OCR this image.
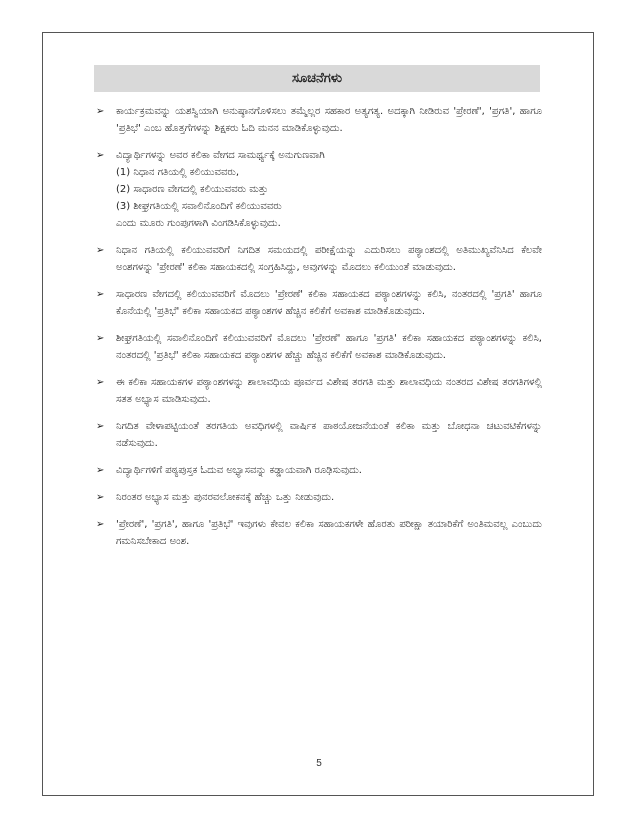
ಸೂಚನೆಗಳು
➢	ಕಾರ್ಯಕ್ರಮವನ್ನು ಯಶಸ್ವಿಯಾಗಿ ಅನುಷ್ಠಾನಗೊಳಿಸಲು ತಮ್ಮೆಲ್ಲರ ಸಹಕಾರ ಅತ್ಯಗತ್ಯ. ಅದಕ್ಕಾಗಿ ನೀಡಿರುವ 'ಪ್ರೇರಣೆ', 'ಪ್ರಗತಿ', ಹಾಗೂ 'ಪ್ರತಿಭೆ' ಎಂಬ ಹೊತ್ತಗೆಗಳನ್ನು ಶಿಕ್ಷಕರು ಓದಿ ಮನನ ಮಾಡಿಕೊಳ್ಳುವುದು.

➢	ವಿದ್ಯಾರ್ಥಿಗಳನ್ನು ಅವರ ಕಲಿಕಾ ವೇಗದ ಸಾಮರ್ಥ್ಯಕ್ಕೆ ಅನುಗುಣವಾಗಿ

(1) ನಿಧಾನ ಗತಿಯಲ್ಲಿ ಕಲಿಯುವವರು,

(2) ಸಾಧಾರಣ ವೇಗದಲ್ಲಿ ಕಲಿಯುವವರು ಮತ್ತು

(3) ಶೀಘ್ರಗತಿಯಲ್ಲಿ ಸವಾಲಿನೊಂದಿಗೆ ಕಲಿಯುವವರು

ಎಂದು ಮೂರು ಗುಂಪುಗಳಾಗಿ ವಿಂಗಡಿಸಿಕೊಳ್ಳುವುದು.

➢	ನಿಧಾನ ಗತಿಯಲ್ಲಿ ಕಲಿಯುವವರಿಗೆ ನಿಗದಿತ ಸಮಯದಲ್ಲಿ ಪರೀಕ್ಷೆಯನ್ನು ಎದುರಿಸಲು ಪಠ್ಯಾಂಶದಲ್ಲಿ ಅತಿಮುಖ್ಯವೆನಿಸಿದ ಕೆಲವೇ ಅಂಶಗಳನ್ನು 'ಪ್ರೇರಣೆ' ಕಲಿಕಾ ಸಹಾಯಕದಲ್ಲಿ ಸಂಗ್ರಹಿಸಿದ್ದು, ಅವುಗಳನ್ನು ಮೊದಲು ಕಲಿಯುಂತೆ ಮಾಡುವುದು.

➢	ಸಾಧಾರಣ ವೇಗದಲ್ಲಿ ಕಲಿಯುವವರಿಗೆ ಮೊದಲು 'ಪ್ರೇರಣೆ' ಕಲಿಕಾ ಸಹಾಯಕದ ಪಠ್ಯಾಂಶಗಳನ್ನು ಕಲಿಸಿ, ನಂತರದಲ್ಲಿ 'ಪ್ರಗತಿ' ಹಾಗೂ ಕೊನೆಯಲ್ಲಿ 'ಪ್ರತಿಭೆ' ಕಲಿಕಾ ಸಹಾಯಕದ ಪಠ್ಯಾಂಶಗಳ ಹೆಚ್ಚಿನ ಕಲಿಕೆಗೆ ಅವಕಾಶ ಮಾಡಿಕೊಡುವುದು.

➢	ಶೀಘ್ರಗತಿಯಲ್ಲಿ ಸವಾಲಿನೊಂದಿಗೆ ಕಲಿಯುವವರಿಗೆ ಮೊದಲು 'ಪ್ರೇರಣೆ' ಹಾಗೂ 'ಪ್ರಗತಿ' ಕಲಿಕಾ ಸಹಾಯಕದ ಪಠ್ಯಾಂಶಗಳನ್ನು ಕಲಿಸಿ, ನಂತರದಲ್ಲಿ 'ಪ್ರತಿಭೆ' ಕಲಿಕಾ ಸಹಾಯಕದ ಪಠ್ಯಾಂಶಗಳ ಹೆಚ್ಚು ಹೆಚ್ಚಿನ ಕಲಿಕೆಗೆ ಅವಕಾಶ ಮಾಡಿಕೊಡುವುದು.

➢	ಈ ಕಲಿಕಾ ಸಹಾಯಕಗಳ ಪಠ್ಯಾಂಶಗಳನ್ನು ಶಾಲಾವಧಿಯ ಪೂರ್ವದ ವಿಶೇಷ ತರಗತಿ ಮತ್ತು ಶಾಲಾವಧಿಯ ನಂತರದ ವಿಶೇಷ ತರಗತಿಗಳಲ್ಲಿ ಸತತ ಅಭ್ಯಾಸ ಮಾಡಿಸುವುದು.

➢	ನಿಗದಿತ ವೇಳಾಪಟ್ಟಿಯಂತೆ ತರಗತಿಯ ಅವಧಿಗಳಲ್ಲಿ ವಾರ್ಷಿಕ ಪಾಠಯೋಜನೆಯಂತೆ ಕಲಿಕಾ ಮತ್ತು ಬೋಧನಾ ಚಟುವಟಿಕೆಗಳನ್ನು ನಡೆಸುವುದು.

➢	ವಿದ್ಯಾರ್ಥಿಗಳಿಗೆ ಪಠ್ಯಪುಸ್ತಕ ಓದುವ ಅಭ್ಯಾಸವನ್ನು ಕಡ್ಡಾಯವಾಗಿ ರೂಢಿಸುವುದು.

➢	ನಿರಂತರ ಅಭ್ಯಾಸ ಮತ್ತು ಪುನರವಲೋಕನಕ್ಕೆ ಹೆಚ್ಚು ಒತ್ತು ನೀಡುವುದು.

➢	'ಪ್ರೇರಣೆ', 'ಪ್ರಗತಿ', ಹಾಗೂ 'ಪ್ರತಿಭೆ' ಇವುಗಳು ಕೇವಲ ಕಲಿಕಾ ಸಹಾಯಕಗಳೇ ಹೊರತು ಪರೀಕ್ಷಾ ತಯಾರಿಕೆಗೆ ಅಂತಿಮವಲ್ಲ ಎಂಬುದು ಗಮನಿಸಬೇಕಾದ ಅಂಶ.

5
